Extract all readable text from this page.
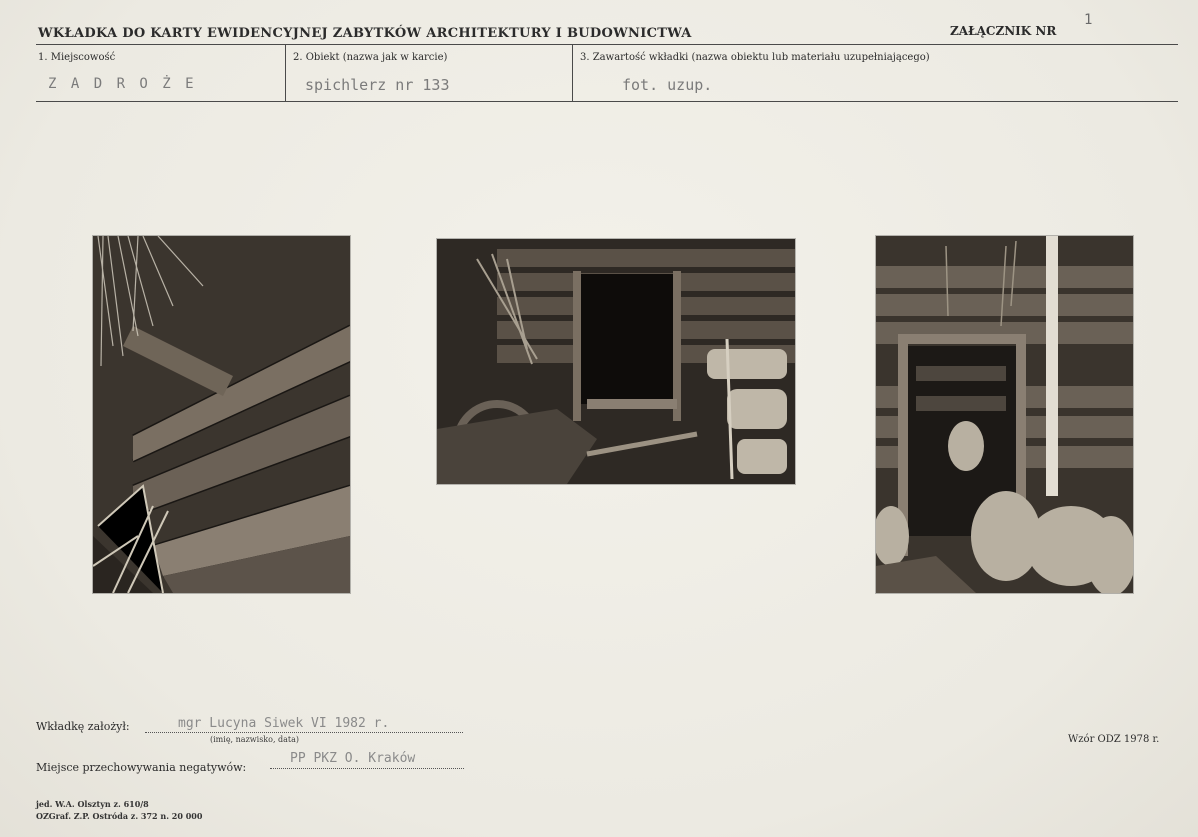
WKŁADKA DO KARTY EWIDENCYJNEJ ZABYTKÓW ARCHITEKTURY I BUDOWNICTWA	ZAŁĄCZNIK NR
1
1. Miejscowość
Z A D R O Ż E
2. Obiekt (nazwa jak w karcie)
spichlerz nr 133
3. Zawartość wkładki (nazwa obiektu lub materiału uzupełniającego)
fot. uzup.
Wkładkę założył:	mgr Lucyna Siwek VI 1982 r.
(imię, nazwisko, data)
Miejsce przechowywania negatywów:
PP PKZ O. Kraków
Wzór ODZ 1978 r.
jed. W.A. Olsztyn z. 610/8
OZGraf. Z.P. Ostróda z. 372 n. 20 000
